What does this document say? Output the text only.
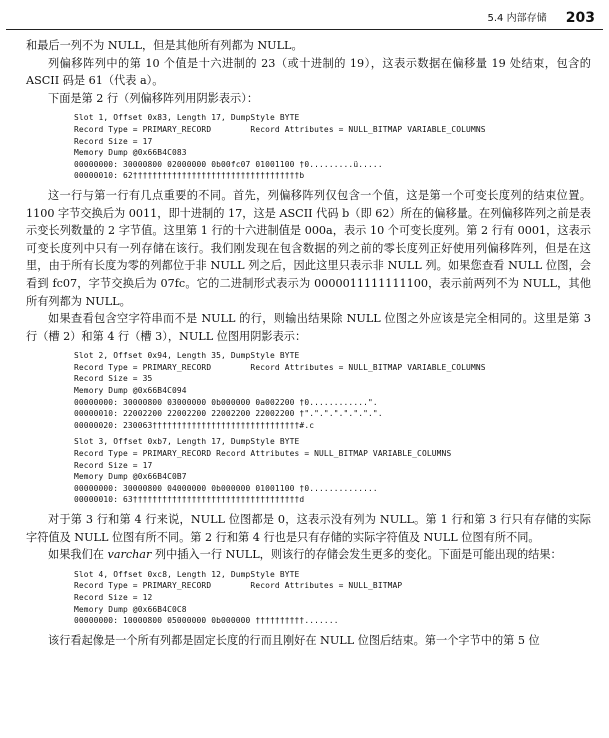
5.4 内部存储 203

和最后一列不为 NULL，但是其他所有列都为 NULL。

列偏移阵列中的第 10 个值是十六进制的 23（或十进制的 19），这表示数据在偏移量 19 处结束，包含的 ASCII 码是 61（代表 a）。

下面是第 2 行（列偏移阵列用阴影表示）：

Slot 1, Offset 0x83, Length 17, DumpStyle BYTE
Record Type = PRIMARY_RECORD        Record Attributes = NULL_BITMAP VARIABLE_COLUMNS
Record Size = 17
Memory Dump @0x66B4C083
00000000: 30000800 02000000 0b00fc07 01001100 †0.........ü.....
00000010: 62††††††††††††††††††††††††††††††††††b

这一行与第一行有几点重要的不同。首先，列偏移阵列仅包含一个值，这是第一个可变长度列的结束位置。1100 字节交换后为 0011，即十进制的 17，这是 ASCII 代码 b（即 62）所在的偏移量。在列偏移阵列之前是表示变长列数量的 2 字节值。这里第 1 行的十六进制值是 000a，表示 10 个可变长度列。第 2 行有 0001，这表示可变长度列中只有一列存储在该行。我们刚发现在包含数据的列之前的零长度列正好使用列偏移阵列，但是在这里，由于所有长度为零的列都位于非 NULL 列之后，因此这里只表示非 NULL 列。如果您查看 NULL 位图，会看到 fc07，字节交换后为 07fc。它的二进制形式表示为 0000011111111100，表示前两列不为 NULL，其他所有列都为 NULL。

如果查看包含空字符串而不是 NULL 的行，则输出结果除 NULL 位图之外应该是完全相同的。这里是第 3 行（槽 2）和第 4 行（槽 3），NULL 位图用阴影表示：

Slot 2, Offset 0x94, Length 35, DumpStyle BYTE
Record Type = PRIMARY_RECORD        Record Attributes = NULL_BITMAP VARIABLE_COLUMNS
Record Size = 35
Memory Dump @0x66B4C094
00000000: 30000800 03000000 0b000000 0a002200 †0............".
00000010: 22002200 22002200 22002200 22002200 †".".".".".".".".
00000020: 230063††††††††††††††††††††††††††††††#.c
Slot 3, Offset 0xb7, Length 17, DumpStyle BYTE
Record Type = PRIMARY_RECORD Record Attributes = NULL_BITMAP VARIABLE_COLUMNS
Record Size = 17
Memory Dump @0x66B4C0B7
00000000: 30000800 04000000 0b000000 01001100 †0..............
00000010: 63††††††††††††††††††††††††††††††††††d

对于第 3 行和第 4 行来说，NULL 位图都是 0，这表示没有列为 NULL。第 1 行和第 3 行只有存储的实际字符值及 NULL 位图有所不同。第 2 行和第 4 行也是只有存储的实际字符值及 NULL 位图有所不同。

如果我们在 varchar 列中插入一行 NULL，则该行的存储会发生更多的变化。下面是可能出现的结果：

Slot 4, Offset 0xc8, Length 12, DumpStyle BYTE
Record Type = PRIMARY_RECORD        Record Attributes = NULL_BITMAP
Record Size = 12
Memory Dump @0x66B4C0C8
00000000: 10000800 05000000 0b000000 ††††††††††.......

该行看起像是一个所有列都是固定长度的行而且刚好在 NULL 位图后结束。第一个字节中的第 5 位
